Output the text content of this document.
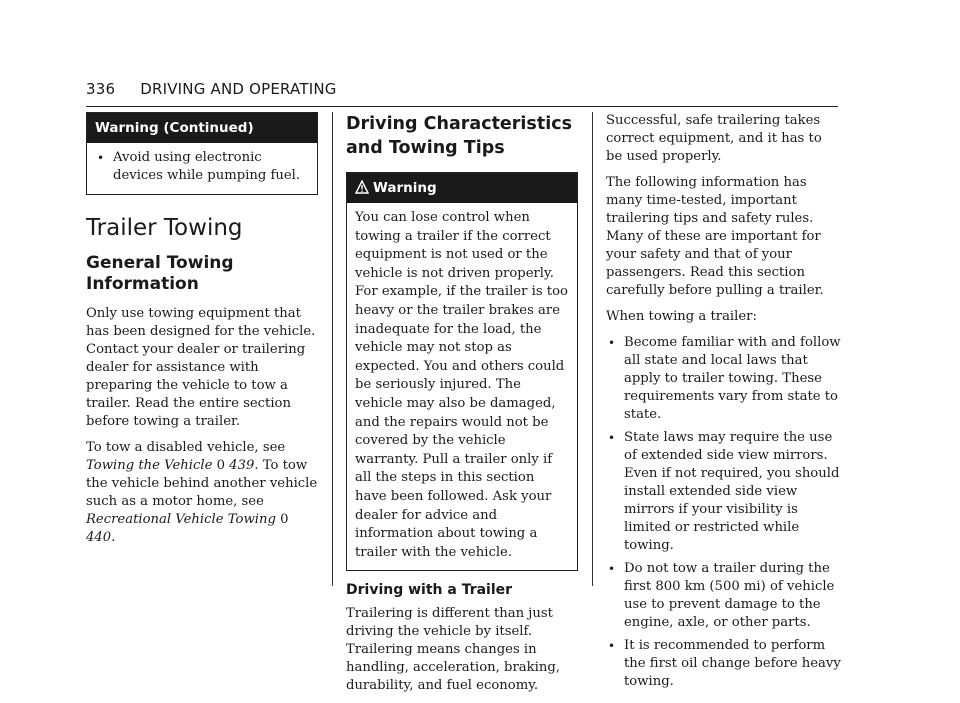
336 DRIVING AND OPERATING
Warning (Continued)
• Avoid using electronic devices while pumping fuel.
Trailer Towing
General Towing Information

Only use towing equipment that has been designed for the vehicle. Contact your dealer or trailering dealer for assistance with preparing the vehicle to tow a trailer. Read the entire section before towing a trailer.

To tow a disabled vehicle, see Towing the Vehicle 0 439. To tow the vehicle behind another vehicle such as a motor home, see Recreational Vehicle Towing 0 440.

Driving Characteristics and Towing Tips
Warning
You can lose control when towing a trailer if the correct equipment is not used or the vehicle is not driven properly. For example, if the trailer is too heavy or the trailer brakes are inadequate for the load, the vehicle may not stop as expected. You and others could be seriously injured. The vehicle may also be damaged, and the repairs would not be covered by the vehicle warranty. Pull a trailer only if all the steps in this section have been followed. Ask your dealer for advice and information about towing a trailer with the vehicle.
Driving with a Trailer

Trailering is different than just driving the vehicle by itself. Trailering means changes in handling, acceleration, braking, durability, and fuel economy.

Successful, safe trailering takes correct equipment, and it has to be used properly.

The following information has many time-tested, important trailering tips and safety rules. Many of these are important for your safety and that of your passengers. Read this section carefully before pulling a trailer.

When towing a trailer:

• Become familiar with and follow all state and local laws that apply to trailer towing. These requirements vary from state to state.
• State laws may require the use of extended side view mirrors. Even if not required, you should install extended side view mirrors if your visibility is limited or restricted while towing.
• Do not tow a trailer during the first 800 km (500 mi) of vehicle use to prevent damage to the engine, axle, or other parts.
• It is recommended to perform the first oil change before heavy towing.
